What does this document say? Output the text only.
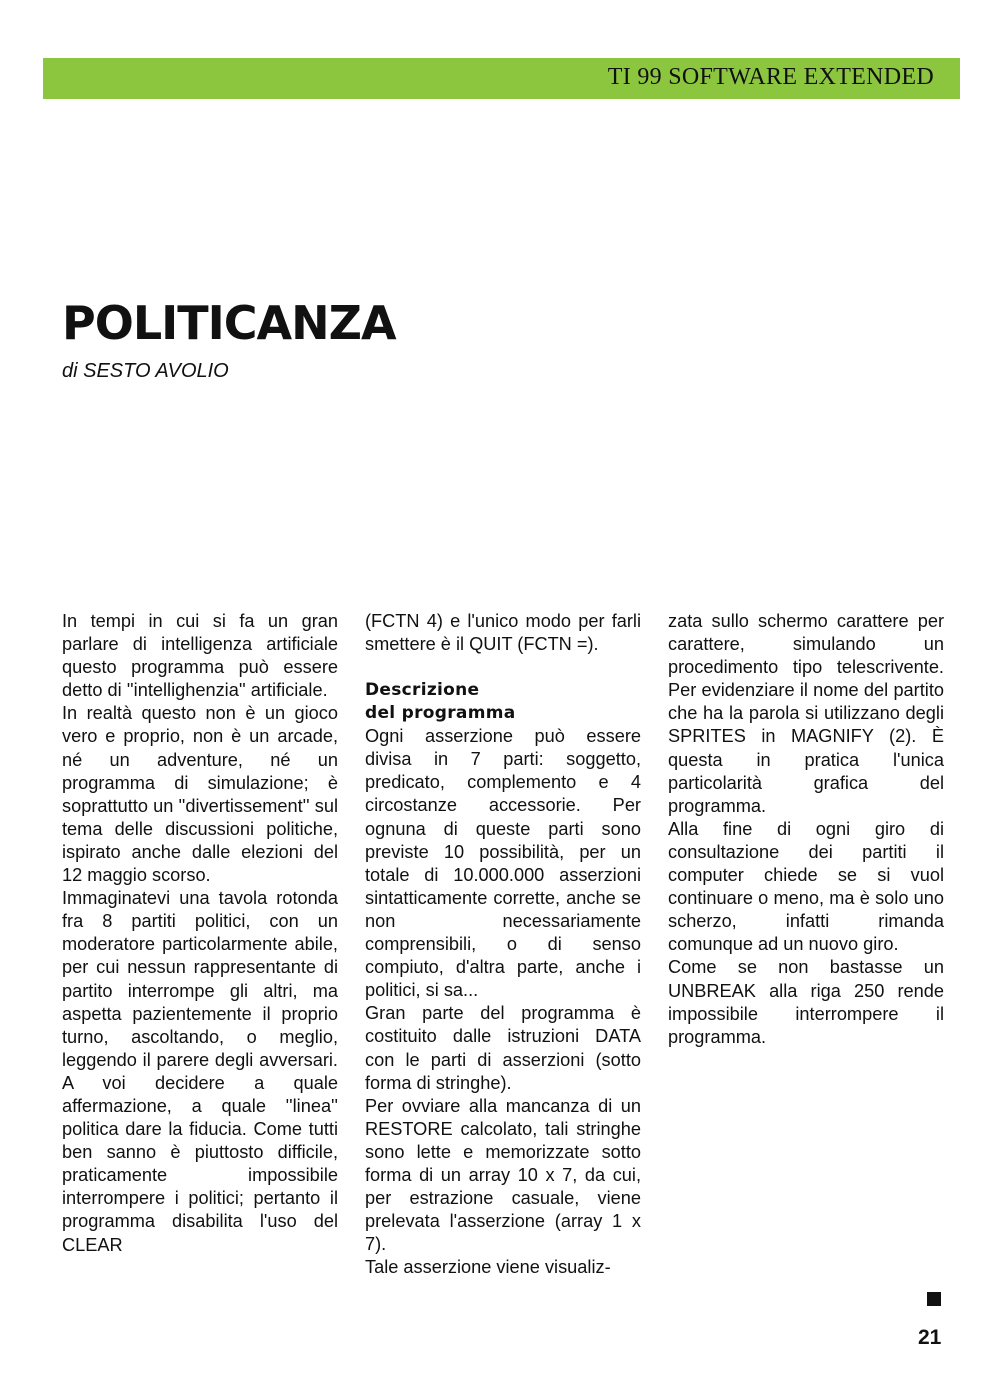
TI 99 SOFTWARE EXTENDED
POLITICANZA
di SESTO AVOLIO

In tempi in cui si fa un gran parlare di intelligenza artificiale questo programma può essere detto di ''intellighenzia'' artificiale.

In realtà questo non è un gioco vero e proprio, non è un arcade, né un adventure, né un programma di simulazione; è soprattutto un ''divertissement'' sul tema delle discussioni politiche, ispirato anche dalle elezioni del 12 maggio scorso.

Immaginatevi una tavola rotonda fra 8 partiti politici, con un moderatore particolarmente abile, per cui nessun rappresentante di partito interrompe gli altri, ma aspetta pazientemente il proprio turno, ascoltando, o meglio, leggendo il parere degli avversari. A voi decidere a quale affermazione, a quale ''linea'' politica dare la fiducia. Come tutti ben sanno è piuttosto difficile, praticamente impossibile interrompere i politici; pertanto il programma disabilita l'uso del CLEAR

(FCTN 4) e l'unico modo per farli smettere è il QUIT (FCTN =).

Descrizione
del programma

Ogni asserzione può essere divisa in 7 parti: soggetto, predicato, complemento e 4 circostanze accessorie. Per ognuna di queste parti sono previste 10 possibilità, per un totale di 10.000.000 asserzioni sintatticamente corrette, anche se non necessariamente comprensibili, o di senso compiuto, d'altra parte, anche i politici, si sa...

Gran parte del programma è costituito dalle istruzioni DATA con le parti di asserzioni (sotto forma di stringhe).

Per ovviare alla mancanza di un RESTORE calcolato, tali stringhe sono lette e memorizzate sotto forma di un array 10 x 7, da cui, per estrazione casuale, viene prelevata l'asserzione (array 1 x 7).

Tale asserzione viene visualiz-

zata sullo schermo carattere per carattere, simulando un procedimento tipo telescrivente. Per evidenziare il nome del partito che ha la parola si utilizzano degli SPRITES in MAGNIFY (2). È questa in pratica l'unica particolarità grafica del programma.

Alla fine di ogni giro di consultazione dei partiti il computer chiede se si vuol continuare o meno, ma è solo uno scherzo, infatti rimanda comunque ad un nuovo giro.

Come se non bastasse un UNBREAK alla riga 250 rende impossibile interrompere il programma.

21
